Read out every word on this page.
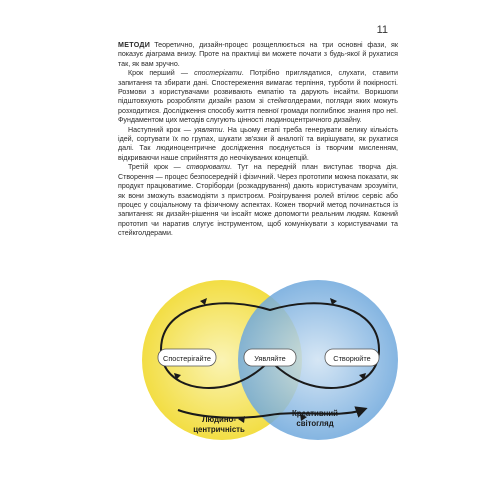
11

МЕТОДИ Теоретично, дизайн-процес розщеплюється на три основні фази, як показує діаграма внизу. Проте на практиці ви можете почати з будь-якої й рухатися так, як вам зручно.

Крок перший — спостерігати. Потрібно приглядатися, слухати, ставити запитання та збирати дані. Спостереження вимагає терпіння, турботи й покірності. Розмови з користувачами розвивають емпатію та дарують інсайти. Воркшопи підштовхують розробляти дизайн разом зі стейкголдерами, погляди яких можуть розходитися. Дослідження способу життя певної громади поглиблює знання про неї. Фундаментом цих методів слугують цінності людиноцентричного дизайну.

Наступний крок — уявляти. На цьому етапі треба генерувати велику кількість ідей, сортувати їх по групах, шукати зв'язки й аналогії та вирішувати, як рухатися далі. Так людиноцентричне дослідження поєднується із творчим мисленням, відкриваючи наше сприйняття до неочікуваних концепцій.

Третій крок — створювати. Тут на передній план виступає творча дія. Створення — процес безпосередній і фізичний. Через прототипи можна показати, як продукт працюватиме. Сторіборди (розкадрування) дають користувачам зрозуміти, як вони зможуть взаємодіяти з пристроєм. Розігрування ролей втілює сервіс або процес у соціальному та фізичному аспектах. Кожен творчий метод починається із запитання: як дизайн-рішення чи інсайт може допомогти реальним людям. Кожний прототип чи наратив слугує інструментом, щоб комунікувати з користувачами та стейкголдерами.

Спостерігайте	Уявляйте	Створюйте
Людино-
центричність
Креативний
світогляд
